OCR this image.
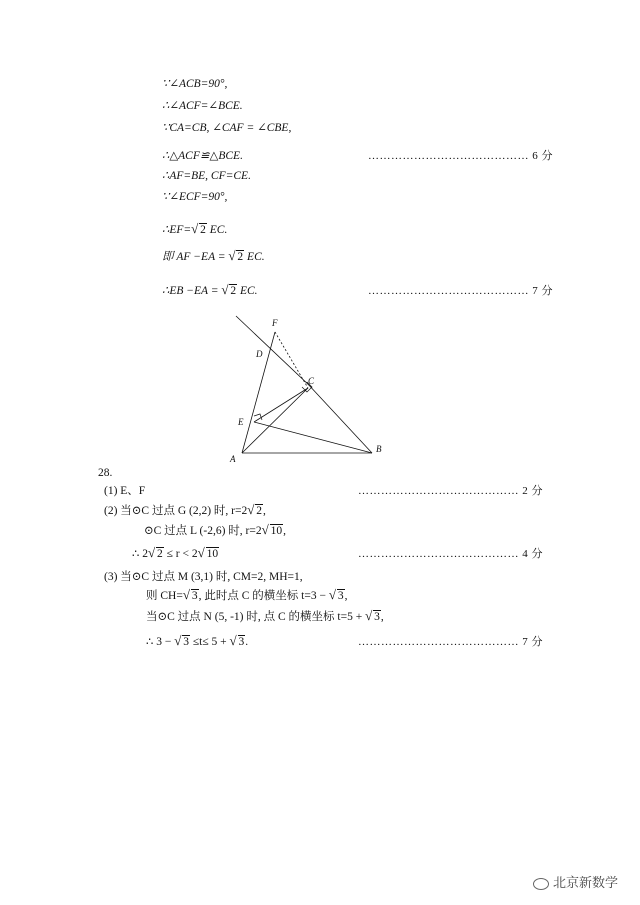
∵∠ACB=90°,
∴∠ACF=∠BCE.
∵CA=CB, ∠CAF = ∠CBE,
∴△ACF≌△BCE.	…………………………………… 6 分
∴AF=BE, CF=CE.
∵∠ECF=90°,
∴EF= √ 2 EC.
即 AF −EA = √ 2 EC.
∴EB −EA = √ 2 EC.	…………………………………… 7 分
F
D
C
E
A
B
28.
(1) E、F	…………………………………… 2 分
(2) 当⊙C 过点 G (2,2) 时, r=2 √ 2,
⊙C 过点 L (-2,6) 时, r=2 √ 10,
∴ 2 √ 2 ≤ r < 2 √ 10	…………………………………… 4 分
(3) 当⊙C 过点 M (3,1) 时, CM=2, MH=1,
则 CH= √ 3, 此时点 C 的横坐标 t=3 − √ 3,
当⊙C 过点 N (5, -1) 时, 点 C 的横坐标 t=5 + √ 3,
∴ 3 − √ 3 ≤t≤ 5 + √ 3.	…………………………………… 7 分
北京新数学
